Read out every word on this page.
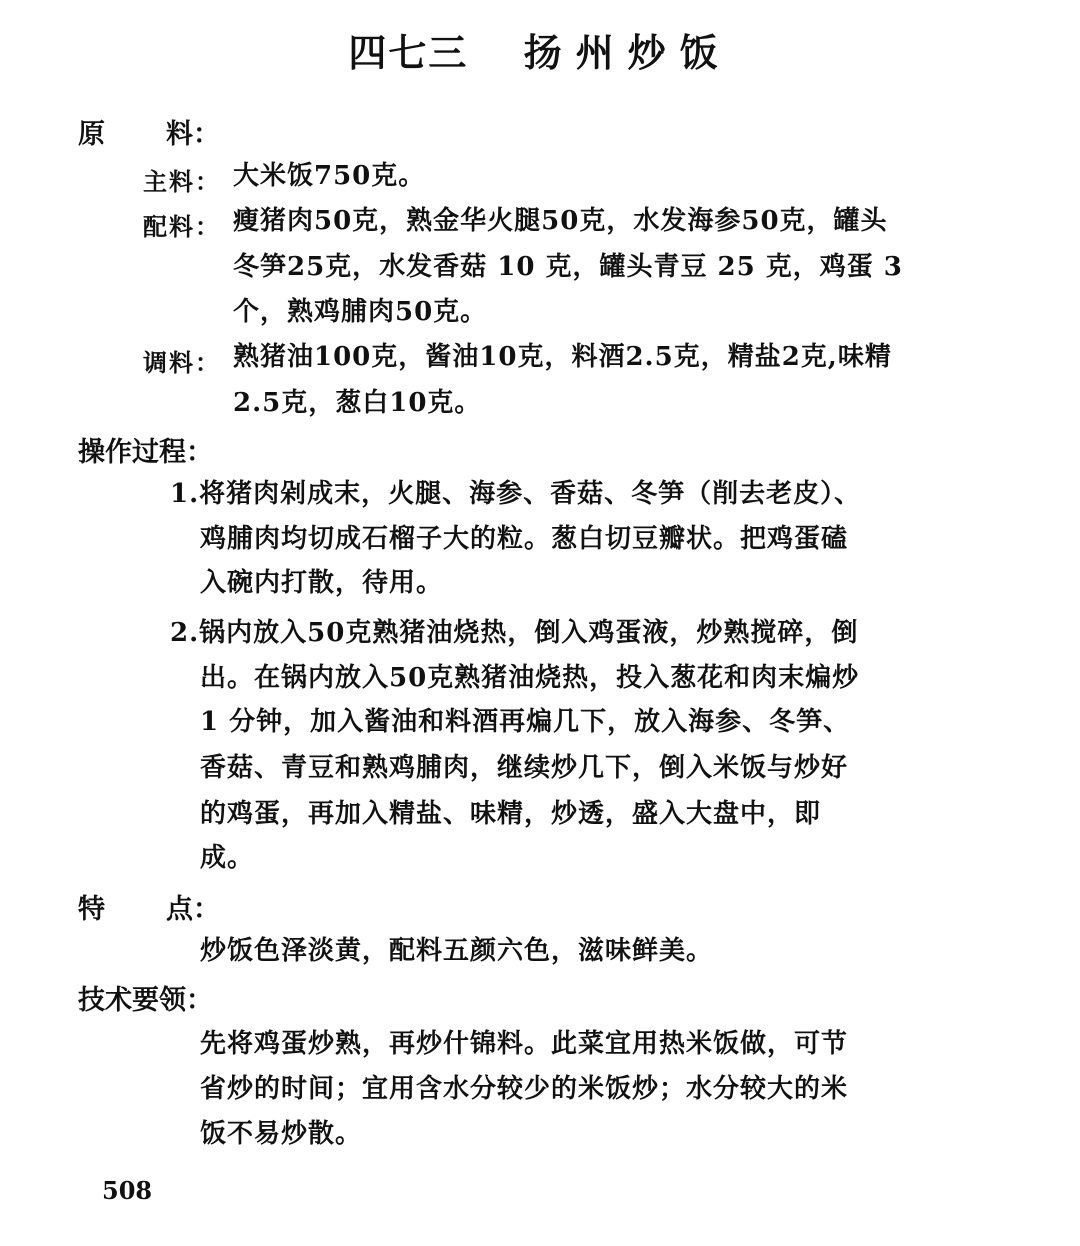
四七三 扬州炒饭
原 料：
主料： 大米饭750克。
配料： 瘦猪肉50克，熟金华火腿50克，水发海参50克，罐头
冬笋25克，水发香菇 10 克，罐头青豆 25 克，鸡蛋 3
个，熟鸡脯肉50克。
调料： 熟猪油100克，酱油10克，料酒2.5克，精盐2克,味精
2.5克，葱白10克。
操作过程：
1.将猪肉剁成末，火腿、海参、香菇、冬笋（削去老皮）、
鸡脯肉均切成石榴子大的粒。葱白切豆瓣状。把鸡蛋磕
入碗内打散，待用。
2.锅内放入50克熟猪油烧热，倒入鸡蛋液，炒熟搅碎，倒
出。在锅内放入50克熟猪油烧热，投入葱花和肉末煸炒
1 分钟，加入酱油和料酒再煸几下，放入海参、冬笋、
香菇、青豆和熟鸡脯肉，继续炒几下，倒入米饭与炒好
的鸡蛋，再加入精盐、味精，炒透，盛入大盘中，即
成。
特 点：
炒饭色泽淡黄，配料五颜六色，滋味鲜美。
技术要领：
先将鸡蛋炒熟，再炒什锦料。此菜宜用热米饭做，可节
省炒的时间；宜用含水分较少的米饭炒；水分较大的米
饭不易炒散。
508
